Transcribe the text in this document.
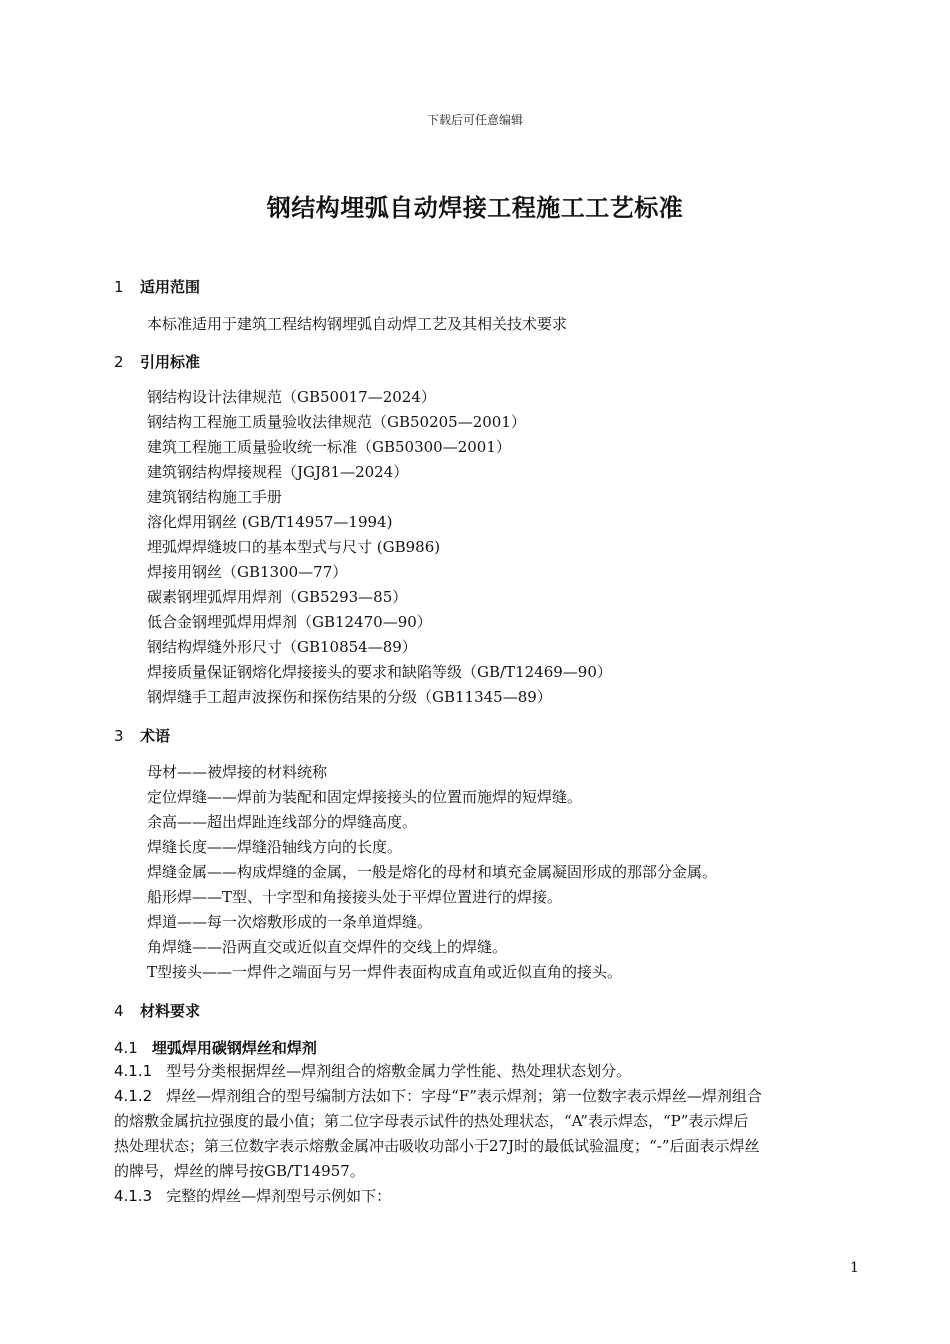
下载后可任意编辑
钢结构埋弧自动焊接工程施工工艺标准
1 适用范围
本标准适用于建筑工程结构钢埋弧自动焊工艺及其相关技术要求
2 引用标准
钢结构设计法律规范（GB50017—2024）
钢结构工程施工质量验收法律规范（GB50205—2001）
建筑工程施工质量验收统一标准（GB50300—2001）
建筑钢结构焊接规程（JGJ81—2024）
建筑钢结构施工手册
溶化焊用钢丝 (GB/T14957—1994)
埋弧焊焊缝坡口的基本型式与尺寸 (GB986)
焊接用钢丝（GB1300—77）
碳素钢埋弧焊用焊剂（GB5293—85）
低合金钢埋弧焊用焊剂（GB12470—90）
钢结构焊缝外形尺寸（GB10854—89）
焊接质量保证钢熔化焊接接头的要求和缺陷等级（GB/T12469—90）
钢焊缝手工超声波探伤和探伤结果的分级（GB11345—89）
3 术语
母材——被焊接的材料统称
定位焊缝——焊前为装配和固定焊接接头的位置而施焊的短焊缝。
余高——超出焊趾连线部分的焊缝高度。
焊缝长度——焊缝沿轴线方向的长度。
焊缝金属——构成焊缝的金属，一般是熔化的母材和填充金属凝固形成的那部分金属。
船形焊——T型、十字型和角接接头处于平焊位置进行的焊接。
焊道——每一次熔敷形成的一条单道焊缝。
角焊缝——沿两直交或近似直交焊件的交线上的焊缝。
T型接头——一焊件之端面与另一焊件表面构成直角或近似直角的接头。
4 材料要求
4.1 埋弧焊用碳钢焊丝和焊剂
4.1.1 型号分类根据焊丝—焊剂组合的熔敷金属力学性能、热处理状态划分。
4.1.2 焊丝—焊剂组合的型号编制方法如下：字母“F”表示焊剂；第一位数字表示焊丝—焊剂组合
的熔敷金属抗拉强度的最小值；第二位字母表示试件的热处理状态，“A”表示焊态，“P”表示焊后
热处理状态；第三位数字表示熔敷金属冲击吸收功部小于27J时的最低试验温度；“-”后面表示焊丝
的牌号，焊丝的牌号按GB/T14957。
4.1.3 完整的焊丝—焊剂型号示例如下：
1
